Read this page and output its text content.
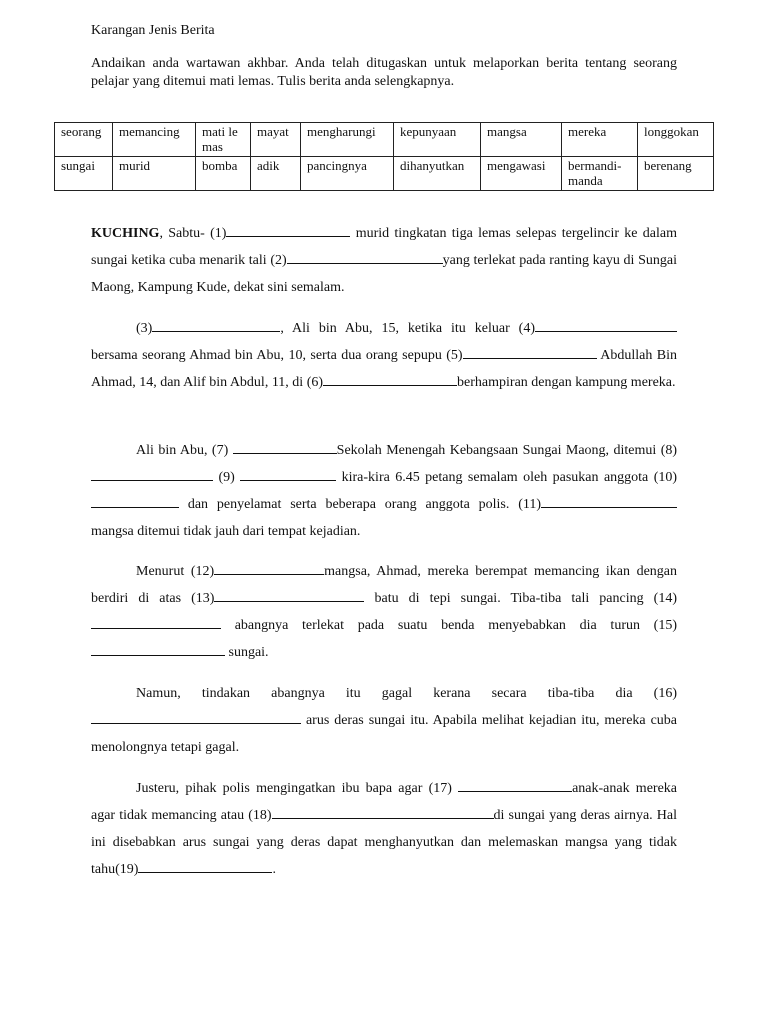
Karangan Jenis Berita
Andaikan anda wartawan akhbar. Anda telah ditugaskan untuk melaporkan berita tentang seorang pelajar yang ditemui mati lemas. Tulis berita anda selengkapnya.
seorang	memancing	mati lemas	mayat	mengharungi	kepunyaan	mangsa	mereka	longgokan
sungai	murid	bomba	adik	pancingnya	dihanyutkan	mengawasi	bermandi-manda	berenang

KUCHING, Sabtu- (1)	murid tingkatan tiga lemas selepas tergelincir ke dalam sungai ketika cuba menarik tali (2)	yang terlekat pada ranting kayu di Sungai Maong, Kampung Kude, dekat sini semalam.

(3)	, Ali bin Abu, 15, ketika itu keluar (4)bersama seorang Ahmad bin Abu, 10, serta dua orang sepupu (5)	Abdullah Bin Ahmad, 14, dan Alif bin Abdul, 11, di (6)	berhampiran dengan kampung mereka.

Ali bin Abu, (7)	Sekolah Menengah Kebangsaan Sungai Maong, ditemui (8) (9)	kira-kira 6.45 petang semalam oleh pasukan anggota (10) dan penyelamat serta beberapa orang anggota polis. (11) mangsa ditemui tidak jauh dari tempat kejadian.

Menurut (12)	mangsa, Ahmad, mereka berempat memancing ikan dengan berdiri di atas (13)	batu di tepi sungai. Tiba-tiba tali pancing (14)  abangnya terlekat pada suatu benda menyebabkan dia turun (15) sungai.

Namun, tindakan abangnya itu gagal kerana secara tiba-tiba dia (16)  arus deras sungai itu. Apabila melihat kejadian itu, mereka cuba menolongnya tetapi gagal.

Justeru, pihak polis mengingatkan ibu bapa agar (17)	anak-anak mereka agar tidak memancing atau (18)	di sungai yang deras airnya. Hal ini disebabkan arus sungai yang deras dapat menghanyutkan dan melemaskan mangsa yang tidak tahu(19)	.
